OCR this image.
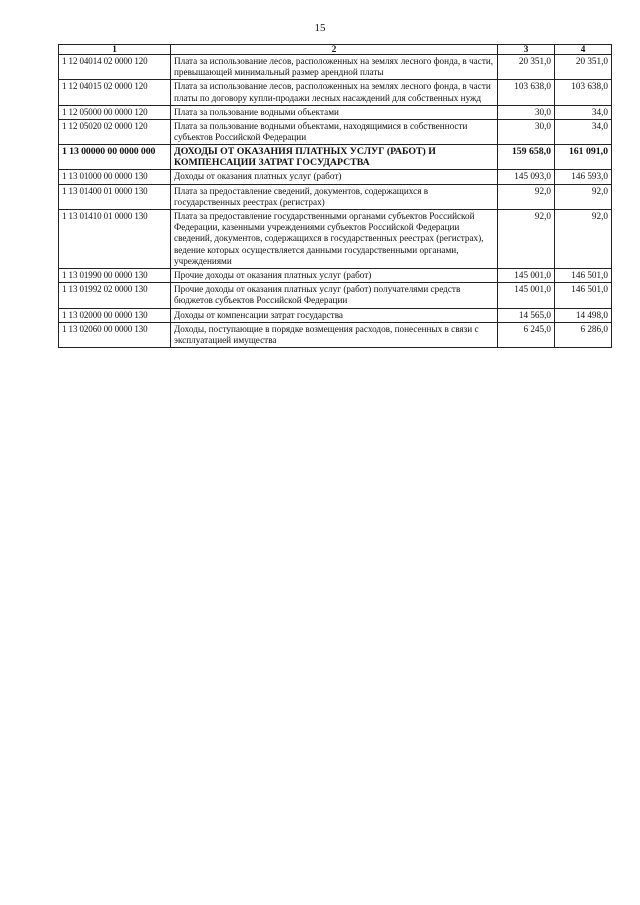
15
1	2	3	4
1 12 04014 02 0000 120	Плата за использование лесов, расположенных на землях лесного фонда, в части, превышающей минимальный размер арендной платы	20 351,0	20 351,0
1 12 04015 02 0000 120	Плата за использование лесов, расположенных на землях лесного фонда, в части платы по договору купли-продажи лесных насаждений для собственных нужд	103 638,0	103 638,0
1 12 05000 00 0000 120	Плата за пользование водными объектами	30,0	34,0
1 12 05020 02 0000 120	Плата за пользование водными объектами, находящимися в собственности субъектов Российской Федерации	30,0	34,0
1 13 00000 00 0000 000	ДОХОДЫ ОТ ОКАЗАНИЯ ПЛАТНЫХ УСЛУГ (РАБОТ) И КОМПЕНСАЦИИ ЗАТРАТ ГОСУДАРСТВА	159 658,0	161 091,0
1 13 01000 00 0000 130	Доходы от оказания платных услуг (работ)	145 093,0	146 593,0
1 13 01400 01 0000 130	Плата за предоставление сведений, документов, содержащихся в государственных реестрах (регистрах)	92,0	92,0
1 13 01410 01 0000 130	Плата за предоставление государственными органами субъектов Российской Федерации, казенными учреждениями субъектов Российской Федерации сведений, документов, содержащихся в государственных реестрах (регистрах), ведение которых осуществляется данными государственными органами, учреждениями	92,0	92,0
1 13 01990 00 0000 130	Прочие доходы от оказания платных услуг (работ)	145 001,0	146 501,0
1 13 01992 02 0000 130	Прочие доходы от оказания платных услуг (работ) получателями средств бюджетов субъектов Российской Федерации	145 001,0	146 501,0
1 13 02000 00 0000 130	Доходы от компенсации затрат государства	14 565,0	14 498,0
1 13 02060 00 0000 130	Доходы, поступающие в порядке возмещения расходов, понесенных в связи с эксплуатацией имущества	6 245,0	6 286,0
